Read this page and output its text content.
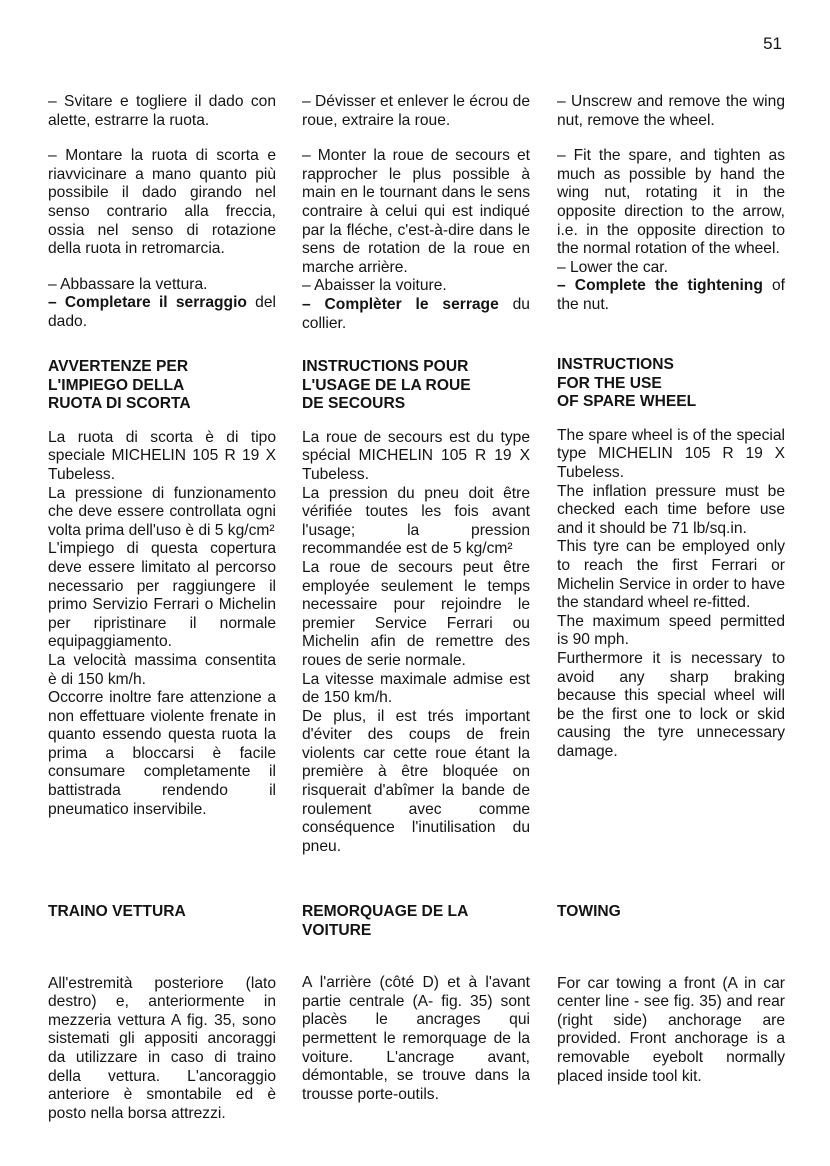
51

– Svitare e togliere il dado con alette, estrarre la ruota.

– Montare la ruota di scorta e riavvicinare a mano quanto più possibile il dado girando nel senso contrario alla freccia, ossia nel senso di rotazione della ruota in retromarcia.

– Abbassare la vettura.

– Completare il serraggio del dado.

AVVERTENZE PER
L'IMPIEGO DELLA
RUOTA DI SCORTA

La ruota di scorta è di tipo speciale MICHELIN 105 R 19 X Tubeless.

La pressione di funzionamento che deve essere controllata ogni volta prima dell'uso è di 5 kg/cm²

L'impiego di questa copertura deve essere limitato al percorso necessario per raggiungere il primo Servizio Ferrari o Michelin per ripristinare il normale equipaggiamento.

La velocità massima consentita è di 150 km/h.

Occorre inoltre fare attenzione a non effettuare violente frenate in quanto essendo questa ruota la prima a bloccarsi è facile consumare completamente il battistrada rendendo il pneumatico inservibile.

TRAINO VETTURA

All'estremità posteriore (lato destro) e, anteriormente in mezzeria vettura A fig. 35, sono sistemati gli appositi ancoraggi da utilizzare in caso di traino della vettura. L'ancoraggio anteriore è smontabile ed è posto nella borsa attrezzi.

– Dévisser et enlever le écrou de roue, extraire la roue.

– Monter la roue de secours et rapprocher le plus possible à main en le tournant dans le sens contraire à celui qui est indiqué par la fléche, c'est-à-dire dans le sens de rotation de la roue en marche arrière.

– Abaisser la voiture.

– Complèter le serrage du collier.

INSTRUCTIONS POUR
L'USAGE DE LA ROUE
DE SECOURS

La roue de secours est du type spécial MICHELIN 105 R 19 X Tubeless.

La pression du pneu doit être vérifiée toutes les fois avant l'usage; la pression recommandée est de 5 kg/cm²

La roue de secours peut être employée seulement le temps necessaire pour rejoindre le premier Service Ferrari ou Michelin afin de remettre des roues de serie normale.

La vitesse maximale admise est de 150 km/h.

De plus, il est trés important d'éviter des coups de frein violents car cette roue étant la première à être bloquée on risquerait d'abîmer la bande de roulement avec comme conséquence l'inutilisation du pneu.

REMORQUAGE DE LA
VOITURE

A l'arrière (côté D) et à l'avant partie centrale (A- fig. 35) sont placès le ancrages qui permettent le remorquage de la voiture. L'ancrage avant, démontable, se trouve dans la trousse porte-outils.

– Unscrew and remove the wing nut, remove the wheel.

– Fit the spare, and tighten as much as possible by hand the wing nut, rotating it in the opposite direction to the arrow, i.e. in the opposite direction to the normal rotation of the wheel.

– Lower the car.

– Complete the tightening of the nut.

INSTRUCTIONS
FOR THE USE
OF SPARE WHEEL

The spare wheel is of the special type MICHELIN 105 R 19 X Tubeless.

The inflation pressure must be checked each time before use and it should be 71 lb/sq.in.

This tyre can be employed only to reach the first Ferrari or Michelin Service in order to have the standard wheel re-fitted.

The maximum speed permitted is 90 mph.

Furthermore it is necessary to avoid any sharp braking because this special wheel will be the first one to lock or skid causing the tyre unnecessary damage.

TOWING

For car towing a front (A in car center line - see fig. 35) and rear (right side) anchorage are provided. Front anchorage is a removable eyebolt normally placed inside tool kit.
